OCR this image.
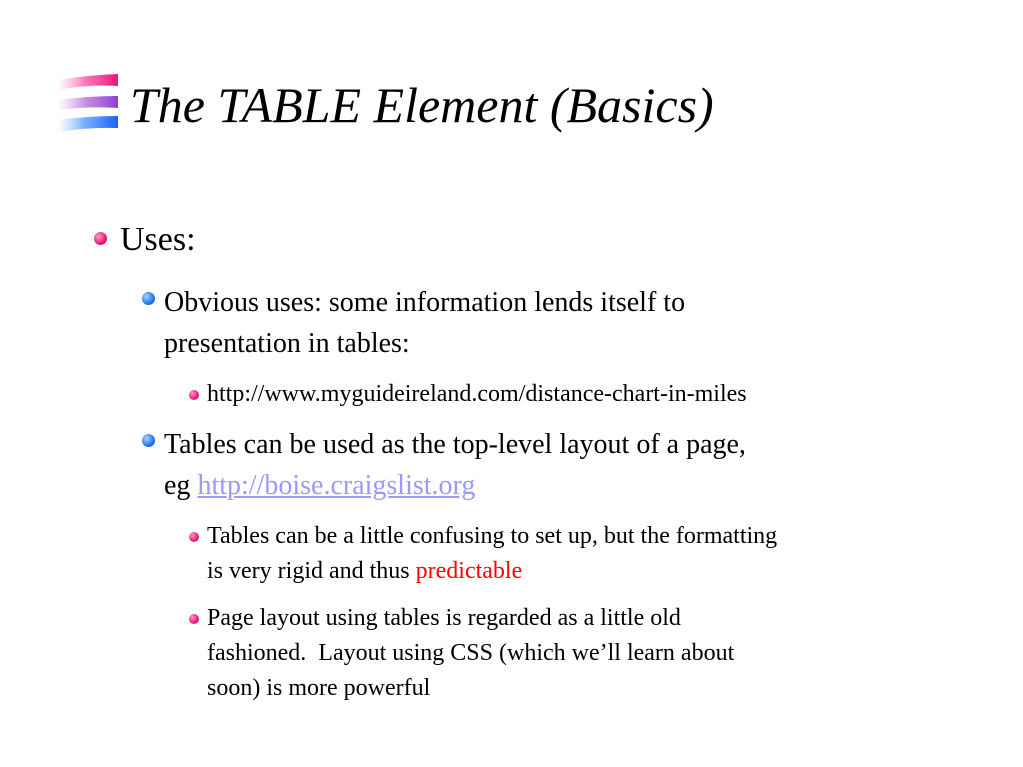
The TABLE Element (Basics)

Uses:

Obvious uses: some information lends itself to
presentation in tables:

http://www.myguideireland.com/distance-chart-in-miles

Tables can be used as the top-level layout of a page,
eg http://boise.craigslist.org

Tables can be a little confusing to set up, but the formatting
is very rigid and thus predictable

Page layout using tables is regarded as a little old
fashioned.  Layout using CSS (which we’ll learn about
soon) is more powerful
